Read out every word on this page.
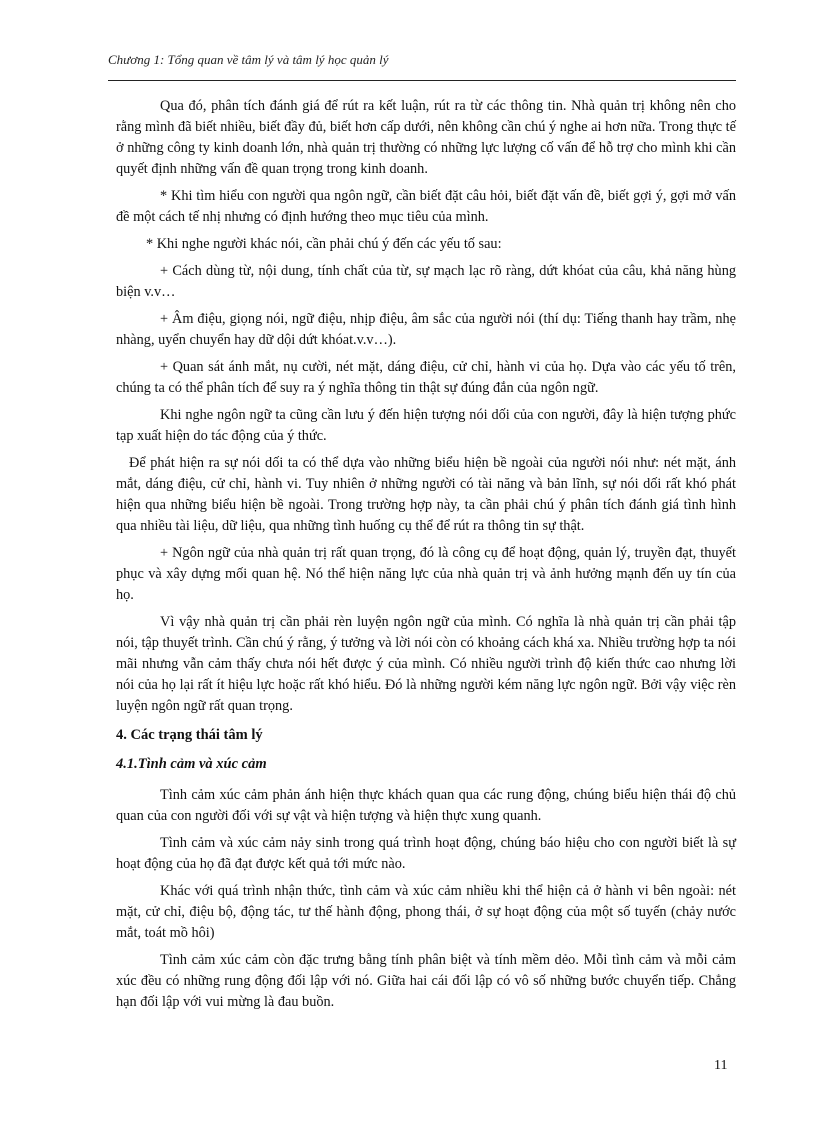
Chương 1: Tổng quan về tâm lý và tâm lý học quản lý

Qua đó, phân tích đánh giá để rút ra kết luận, rút ra từ các thông tin. Nhà quản trị không nên cho rằng mình đã biết nhiều, biết đầy đủ, biết hơn cấp dưới, nên không cần chú ý nghe ai hơn nữa. Trong thực tế ở những công ty kinh doanh lớn, nhà quản trị thường có những lực lượng cố vấn để hỗ trợ cho mình khi cần quyết định những vấn đề quan trọng trong kinh doanh.

* Khi tìm hiểu con người qua ngôn ngữ, cần biết đặt câu hỏi, biết đặt vấn đề, biết gợi ý, gợi mở vấn đề một cách tế nhị nhưng có định hướng theo mục tiêu của mình.

* Khi nghe người khác nói, cần phải chú ý đến các yếu tố sau:

+ Cách dùng từ, nội dung, tính chất của từ, sự mạch lạc rõ ràng, dứt khóat của câu, khả năng hùng biện v.v…

+ Âm điệu, giọng nói, ngữ điệu, nhịp điệu, âm sắc của người nói (thí dụ: Tiếng thanh hay trầm, nhẹ nhàng, uyển chuyển hay dữ dội dứt khóat.v.v…).

+ Quan sát ánh mắt, nụ cười, nét mặt, dáng điệu, cử chỉ, hành vi của họ. Dựa vào các yếu tố trên, chúng ta có thể phân tích để suy ra ý nghĩa thông tin thật sự đúng đắn của ngôn ngữ.

Khi nghe ngôn ngữ ta cũng cần lưu ý đến hiện tượng nói dối của con người, đây là hiện tượng phức tạp xuất hiện do tác động của ý thức.

Để phát hiện ra sự nói dối ta có thể dựa vào những biểu hiện bề ngoài của người nói như: nét mặt, ánh mắt, dáng điệu, cử chỉ, hành vi. Tuy nhiên ở những người có tài năng và bản lĩnh, sự nói dối rất khó phát hiện qua những biểu hiện bề ngoài. Trong trường hợp này, ta cần phải chú ý phân tích đánh giá tình hình qua nhiều tài liệu, dữ liệu, qua những tình huống cụ thể để rút ra thông tin sự thật.

+ Ngôn ngữ của nhà quản trị rất quan trọng, đó là công cụ để hoạt động, quản lý, truyền đạt, thuyết phục và xây dựng mối quan hệ. Nó thể hiện năng lực của nhà quản trị và ảnh hưởng mạnh đến uy tín của họ.

Vì vậy nhà quản trị cần phải rèn luyện ngôn ngữ của mình. Có nghĩa là nhà quản trị cần phải tập nói, tập thuyết trình. Cần chú ý rằng, ý tưởng và lời nói còn có khoảng cách khá xa. Nhiều trường hợp ta nói mãi nhưng vẫn cảm thấy chưa nói hết được ý của mình. Có nhiều người trình độ kiến thức cao nhưng lời nói của họ lại rất ít hiệu lực hoặc rất khó hiểu. Đó là những người kém năng lực ngôn ngữ. Bởi vậy việc rèn luyện ngôn ngữ rất quan trọng.

4. Các trạng thái tâm lý

4.1.Tình cảm và xúc cảm

Tình cảm xúc cảm phản ánh hiện thực khách quan qua các rung động, chúng biểu hiện thái độ chủ quan của con người đối với sự vật và hiện tượng và hiện thực xung quanh.

Tình cảm và xúc cảm nảy sinh trong quá trình hoạt động, chúng báo hiệu cho con người biết là sự hoạt động của họ đã đạt được kết quả tới mức nào.

Khác với quá trình nhận thức, tình cảm và xúc cảm nhiều khi thể hiện cả ở hành vi bên ngoài: nét mặt, cử chỉ, điệu bộ, động tác, tư thế hành động, phong thái, ở sự hoạt động của một số tuyến (chảy nước mắt, toát mồ hôi)

Tình cảm xúc cảm còn đặc trưng bằng tính phân biệt và tính mềm dẻo. Mỗi tình cảm và mỗi cảm xúc đều có những rung động đối lập với nó. Giữa hai cái đối lập có vô số những bước chuyển tiếp. Chẳng hạn đối lập với vui mừng là đau buồn.

11
